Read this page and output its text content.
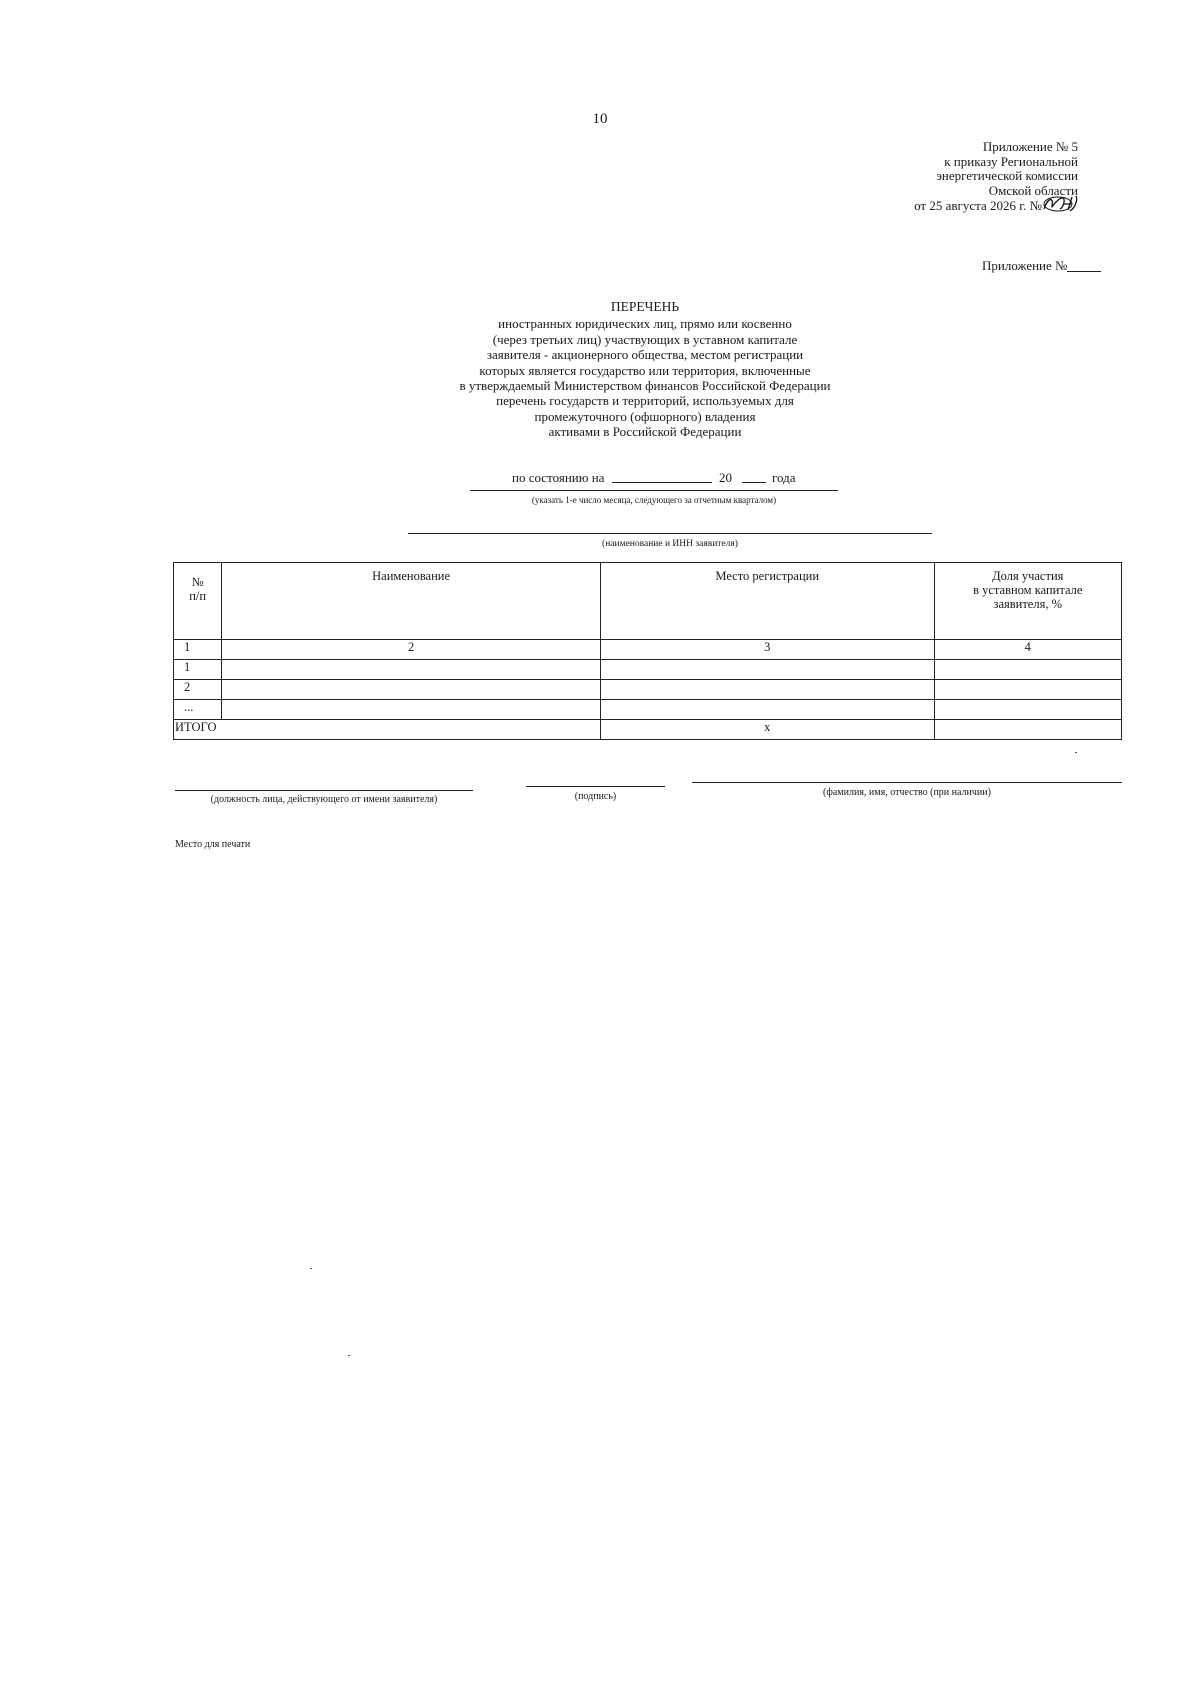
10
Приложение № 5
к приказу Региональной
энергетической комиссии
Омской области
от 25 августа 2026 г. №
Приложение №
ПЕРЕЧЕНЬ
иностранных юридических лиц, прямо или косвенно
(через третьих лиц) участвующих в уставном капитале
заявителя - акционерного общества, местом регистрации
которых является государство или территория, включенные
в утверждаемый Министерством финансов Российской Федерации
перечень государств и территорий, используемых для
промежуточного (офшорного) владения
активами в Российской Федерации
по состоянию на	20	года
(указать 1-е число месяца, следующего за отчетным кварталом)
(наименование и ИНН заявителя)
№
п/п	Наименование	Место регистрации	Доля участия
в уставном капитале
заявителя, %
1	2	3	4
1			
2			
...			
ИТОГО		х	
(должность лица, действующего от имени заявителя)	(подпись)	(фамилия, имя, отчество (при наличии)
Место для печати
